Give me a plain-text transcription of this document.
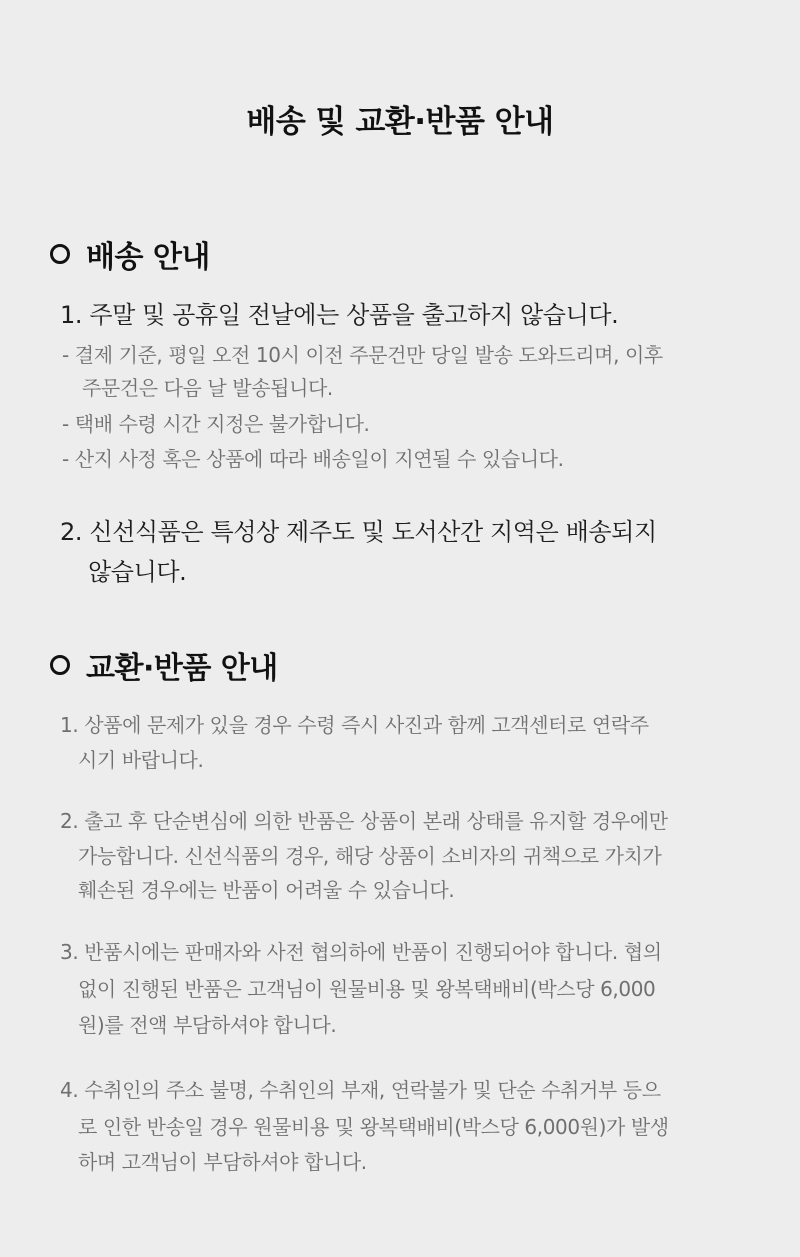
배송 및 교환·반품 안내
배송 안내
1. 주말 및 공휴일 전날에는 상품을 출고하지 않습니다.
- 결제 기준, 평일 오전 10시 이전 주문건만 당일 발송 도와드리며, 이후
주문건은 다음 날 발송됩니다.
- 택배 수령 시간 지정은 불가합니다.
- 산지 사정 혹은 상품에 따라 배송일이 지연될 수 있습니다.
2. 신선식품은 특성상 제주도 및 도서산간 지역은 배송되지
않습니다.
교환·반품 안내
1. 상품에 문제가 있을 경우 수령 즉시 사진과 함께 고객센터로 연락주
시기 바랍니다.
2. 출고 후 단순변심에 의한 반품은 상품이 본래 상태를 유지할 경우에만
가능합니다. 신선식품의 경우, 해당 상품이 소비자의 귀책으로 가치가
훼손된 경우에는 반품이 어려울 수 있습니다.
3. 반품시에는 판매자와 사전 협의하에 반품이 진행되어야 합니다. 협의
없이 진행된 반품은 고객님이 원물비용 및 왕복택배비(박스당 6,000
원)를 전액 부담하셔야 합니다.
4. 수취인의 주소 불명, 수취인의 부재, 연락불가 및 단순 수취거부 등으
로 인한 반송일 경우 원물비용 및 왕복택배비(박스당 6,000원)가 발생
하며 고객님이 부담하셔야 합니다.
